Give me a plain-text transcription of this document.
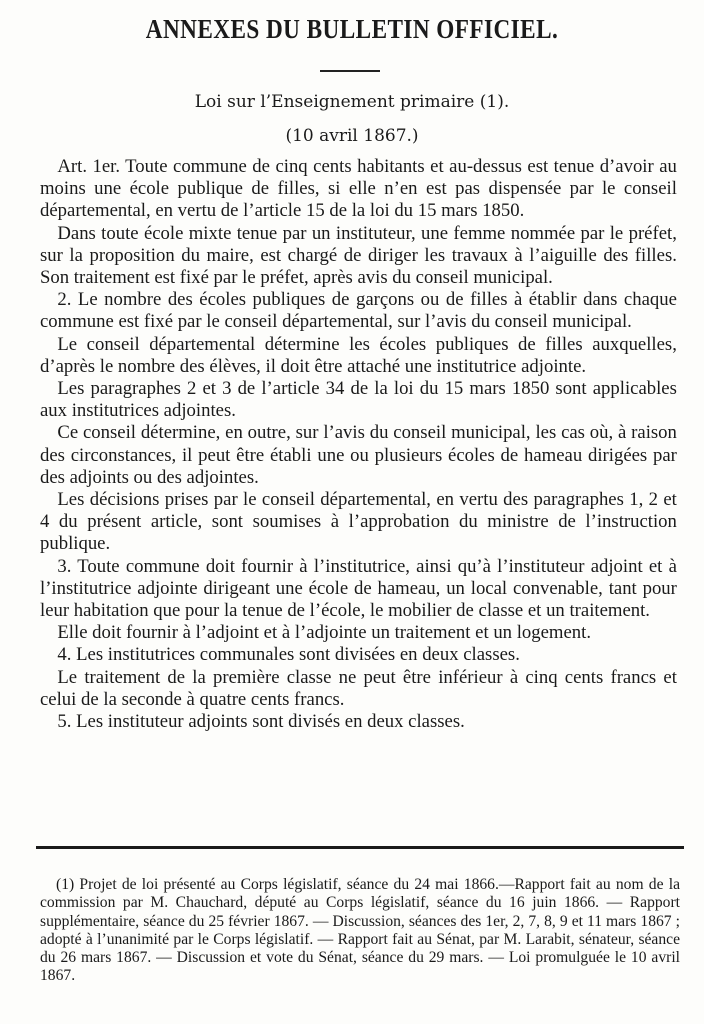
ANNEXES DU BULLETIN OFFICIEL.
Loi sur l’Enseignement primaire (1).
(10 avril 1867.)

Art. 1er. Toute commune de cinq cents habitants et au-dessus est tenue d’avoir au moins une école publique de filles, si elle n’en est pas dispensée par le conseil départemental, en vertu de l’article 15 de la loi du 15 mars 1850.

Dans toute école mixte tenue par un instituteur, une femme nommée par le préfet, sur la proposition du maire, est chargé de diriger les travaux à l’aiguille des filles. Son traitement est fixé par le préfet, après avis du conseil municipal.

2. Le nombre des écoles publiques de garçons ou de filles à établir dans chaque commune est fixé par le conseil départemental, sur l’avis du conseil municipal.

Le conseil départemental détermine les écoles publiques de filles auxquelles, d’après le nombre des élèves, il doit être attaché une institutrice adjointe.

Les paragraphes 2 et 3 de l’article 34 de la loi du 15 mars 1850 sont applicables aux institutrices adjointes.

Ce conseil détermine, en outre, sur l’avis du conseil municipal, les cas où, à raison des circonstances, il peut être établi une ou plusieurs écoles de hameau dirigées par des adjoints ou des adjointes.

Les décisions prises par le conseil départemental, en vertu des paragraphes 1, 2 et 4 du présent article, sont soumises à l’approbation du ministre de l’instruction publique.

3. Toute commune doit fournir à l’institutrice, ainsi qu’à l’instituteur adjoint et à l’institutrice adjointe dirigeant une école de hameau, un local convenable, tant pour leur habitation que pour la tenue de l’école, le mobilier de classe et un traitement.

Elle doit fournir à l’adjoint et à l’adjointe un traitement et un logement.

4. Les institutrices communales sont divisées en deux classes.

Le traitement de la première classe ne peut être inférieur à cinq cents francs et celui de la seconde à quatre cents francs.

5. Les instituteur adjoints sont divisés en deux classes.

(1) Projet de loi présenté au Corps législatif, séance du 24 mai 1866.—Rapport fait au nom de la commission par M. Chauchard, député au Corps législatif, séance du 16 juin 1866. — Rapport supplémentaire, séance du 25 février 1867. — Discussion, séances des 1er, 2, 7, 8, 9 et 11 mars 1867 ; adopté à l’unanimité par le Corps législatif. — Rapport fait au Sénat, par M. Larabit, sénateur, séance du 26 mars 1867. — Discussion et vote du Sénat, séance du 29 mars. — Loi promulguée le 10 avril 1867.
